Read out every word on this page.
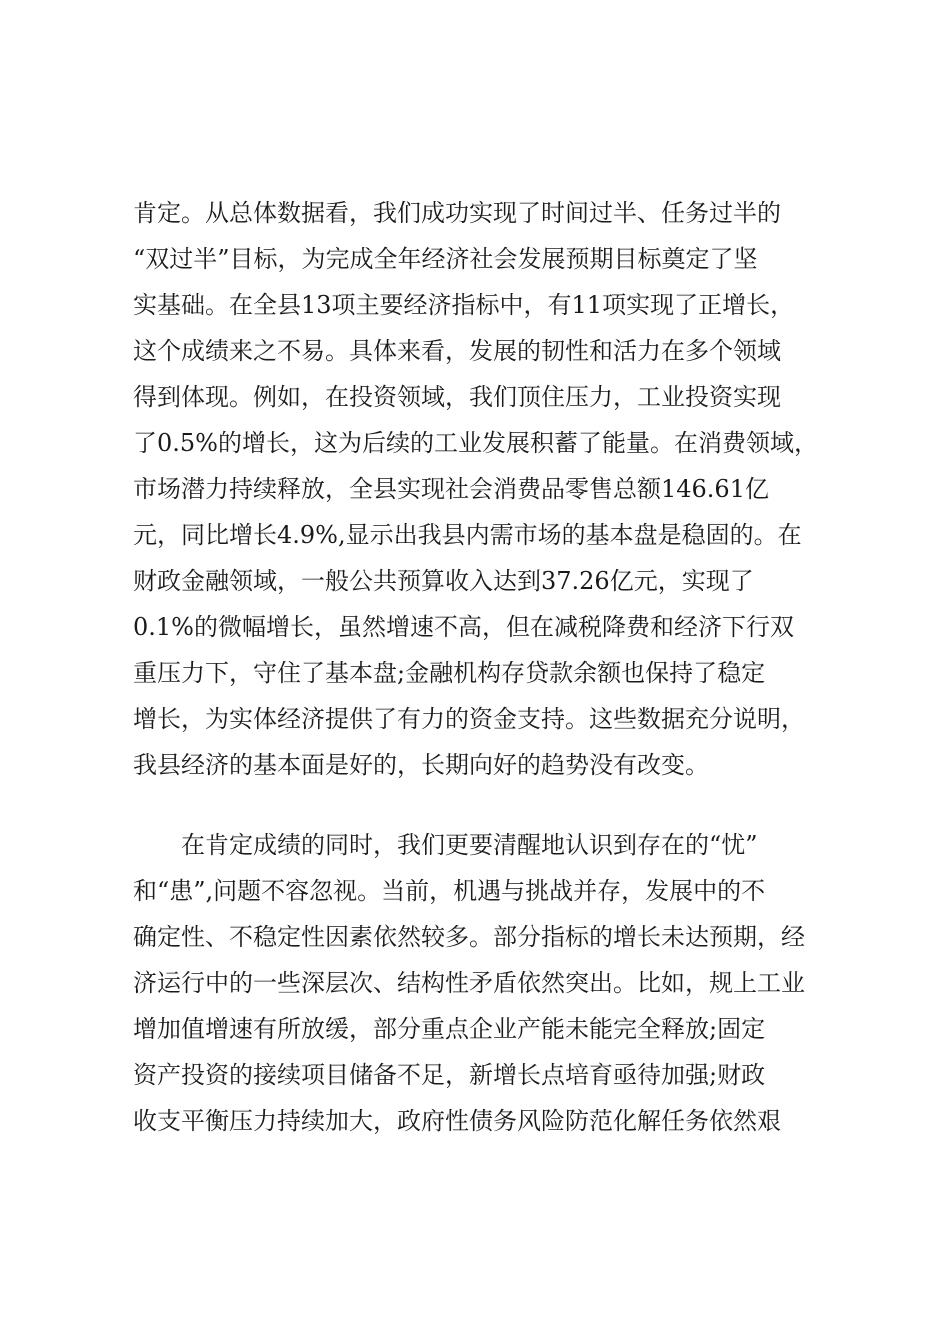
肯定。从总体数据看，我们成功实现了时间过半、任务过半的
“双过半”目标，为完成全年经济社会发展预期目标奠定了坚
实基础。在全县13项主要经济指标中，有11项实现了正增长，
这个成绩来之不易。具体来看，发展的韧性和活力在多个领域
得到体现。例如，在投资领域，我们顶住压力，工业投资实现
了0.5%的增长，这为后续的工业发展积蓄了能量。在消费领域，
市场潜力持续释放，全县实现社会消费品零售总额146.61亿
元，同比增长4.9%,显示出我县内需市场的基本盘是稳固的。在
财政金融领域，一般公共预算收入达到37.26亿元，实现了
0.1%的微幅增长，虽然增速不高，但在减税降费和经济下行双
重压力下，守住了基本盘;金融机构存贷款余额也保持了稳定
增长，为实体经济提供了有力的资金支持。这些数据充分说明，
我县经济的基本面是好的，长期向好的趋势没有改变。
　　在肯定成绩的同时，我们更要清醒地认识到存在的“忧”
和“患”,问题不容忽视。当前，机遇与挑战并存，发展中的不
确定性、不稳定性因素依然较多。部分指标的增长未达预期，经
济运行中的一些深层次、结构性矛盾依然突出。比如，规上工业
增加值增速有所放缓，部分重点企业产能未能完全释放;固定
资产投资的接续项目储备不足，新增长点培育亟待加强;财政
收支平衡压力持续加大，政府性债务风险防范化解任务依然艰
